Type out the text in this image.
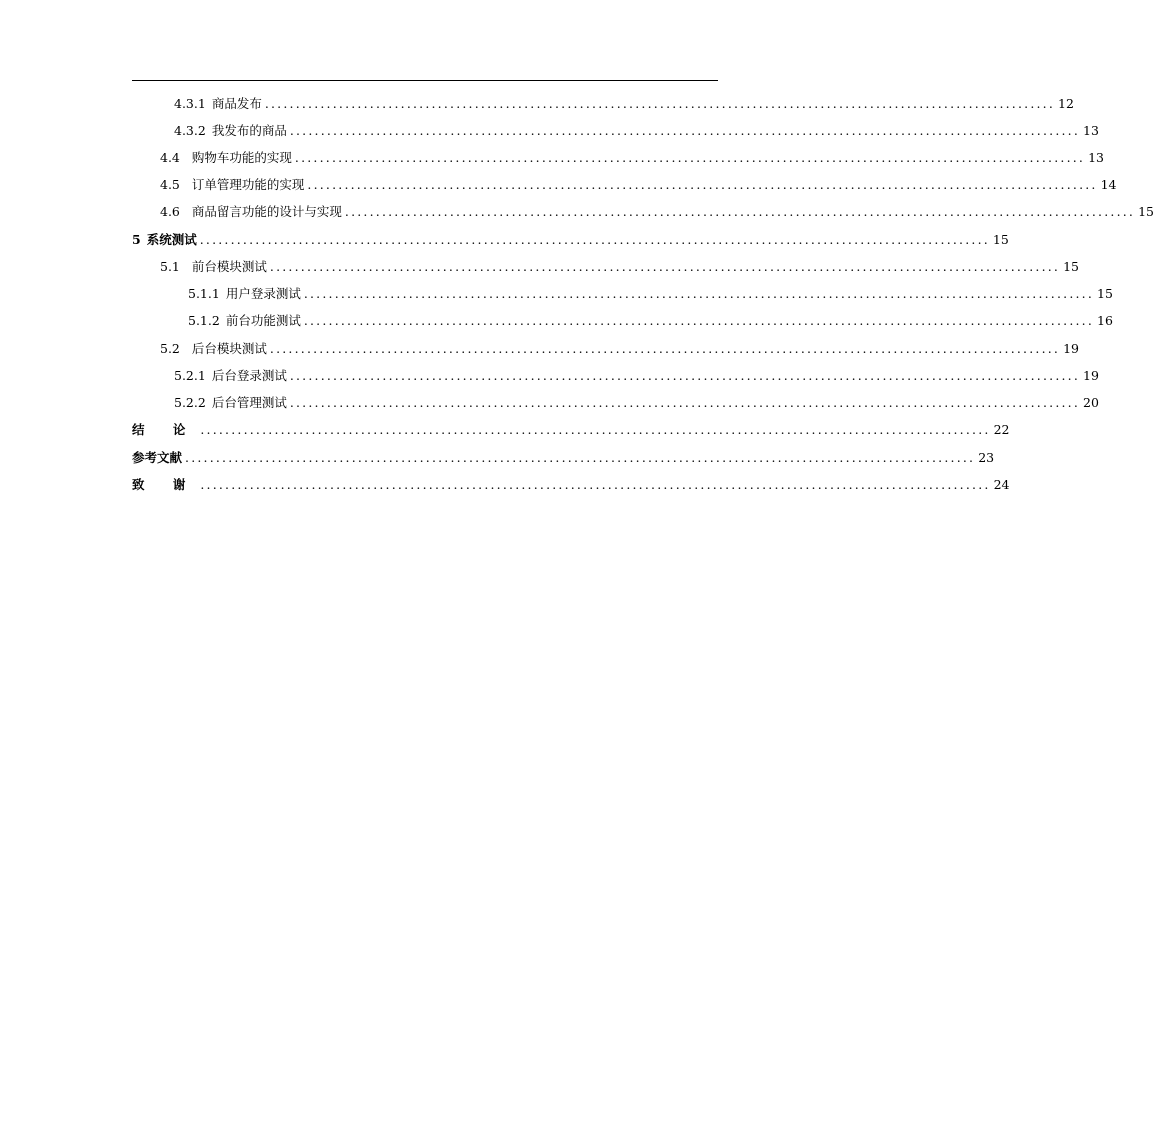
4.3.1 商品发布 ................................................................................................................................ 12
4.3.2 我发布的商品 ................................................................................................................................ 13
4.4 购物车功能的实现 ................................................................................................................................ 13
4.5 订单管理功能的实现 ................................................................................................................................ 14
4.6 商品留言功能的设计与实现 ................................................................................................................................ 15
5 系统测试 ................................................................................................................................ 15
5.1 前台模块测试 ................................................................................................................................ 15
5.1.1 用户登录测试 ................................................................................................................................ 15
5.1.2 前台功能测试 ................................................................................................................................ 16
5.2 后台模块测试 ................................................................................................................................ 19
5.2.1 后台登录测试 ................................................................................................................................ 19
5.2.2 后台管理测试 ................................................................................................................................ 20
结 论 ................................................................................................................................ 22
参考文献 ................................................................................................................................ 23
致 谢 ................................................................................................................................ 24
